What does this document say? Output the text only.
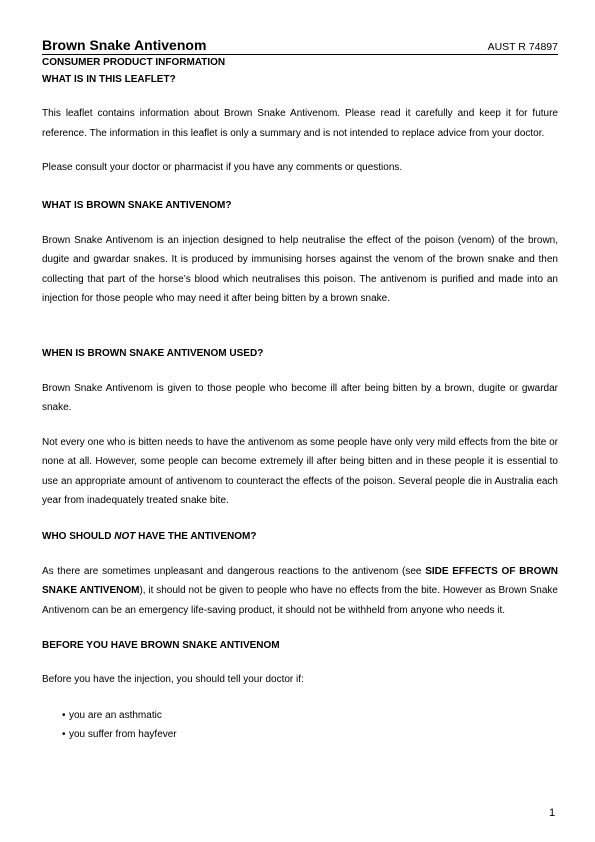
Brown Snake Antivenom	AUST R 74897
CONSUMER PRODUCT INFORMATION
WHAT IS IN THIS LEAFLET?

This leaflet contains information about Brown Snake Antivenom. Please read it carefully and keep it for future reference. The information in this leaflet is only a summary and is not intended to replace advice from your doctor.

Please consult your doctor or pharmacist if you have any comments or questions.

WHAT IS BROWN SNAKE ANTIVENOM?

Brown Snake Antivenom is an injection designed to help neutralise the effect of the poison (venom) of the brown, dugite and gwardar snakes. It is produced by immunising horses against the venom of the brown snake and then collecting that part of the horse’s blood which neutralises this poison. The antivenom is purified and made into an injection for those people who may need it after being bitten by a brown snake.

WHEN IS BROWN SNAKE ANTIVENOM USED?

Brown Snake Antivenom is given to those people who become ill after being bitten by a brown, dugite or gwardar snake.

Not every one who is bitten needs to have the antivenom as some people have only very mild effects from the bite or none at all. However, some people can become extremely ill after being bitten and in these people it is essential to use an appropriate amount of antivenom to counteract the effects of the poison. Several people die in Australia each year from inadequately treated snake bite.

WHO SHOULD NOT HAVE THE ANTIVENOM?

As there are sometimes unpleasant and dangerous reactions to the antivenom (see SIDE EFFECTS OF BROWN SNAKE ANTIVENOM), it should not be given to people who have no effects from the bite. However as Brown Snake Antivenom can be an emergency life-saving product, it should not be withheld from anyone who needs it.

BEFORE YOU HAVE BROWN SNAKE ANTIVENOM

Before you have the injection, you should tell your doctor if:

•
you are an asthmatic
•
you suffer from hayfever
1
